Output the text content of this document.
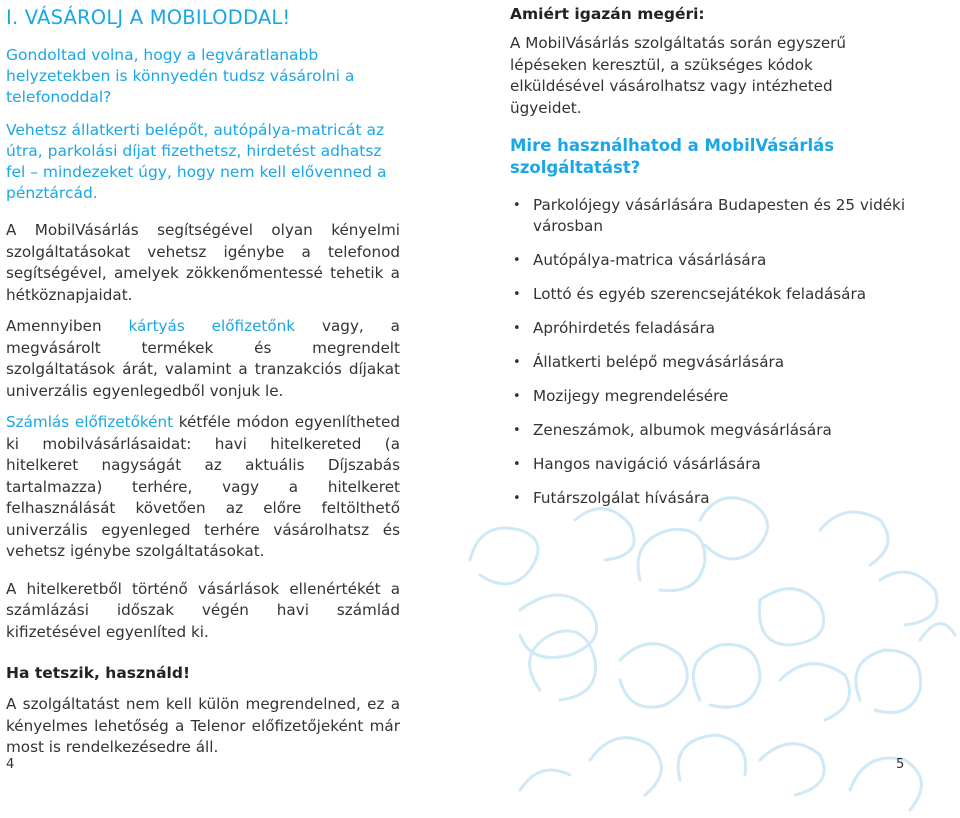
I. VÁSÁROLJ A MOBILODDAL!

Gondoltad volna, hogy a legváratlanabb helyzetekben is könnyedén tudsz vásárolni a telefonoddal?

Vehetsz állatkerti belépőt, autópálya-matricát az útra, parkolási díjat fizethetsz, hirdetést adhatsz fel – mindezeket úgy, hogy nem kell elővenned a pénztárcád.

A MobilVásárlás segítségével olyan kényelmi szolgáltatásokat vehetsz igénybe a telefonod segítségével, amelyek zökkenőmentessé tehetik a hétköznapjaidat.

Amennyiben kártyás előfizetőnk vagy, a megvásárolt termékek és megrendelt szolgáltatások árát, valamint a tranzakciós díjakat univerzális egyenlegedből vonjuk le.

Számlás előfizetőként kétféle módon egyenlítheted ki mobilvásárlásaidat: havi hitelkereted (a hitelkeret nagyságát az aktuális Díjszabás tartalmazza) terhére, vagy a hitelkeret felhasználását követően az előre feltölthető univerzális egyenleged terhére vásárolhatsz és vehetsz igénybe szolgáltatásokat.

A hitelkeretből történő vásárlások ellenértékét a számlázási időszak végén havi számlád kifizetésével egyenlíted ki.

Ha tetszik, használd!

A szolgáltatást nem kell külön megrendelned, ez a kényelmes lehetőség a Telenor előfizetőjeként már most is rendelkezésedre áll.

Amiért igazán megéri:

A MobilVásárlás szolgáltatás során egyszerű lépéseken keresztül, a szükséges kódok elküldésével vásárolhatsz vagy intézheted ügyeidet.

Mire használhatod a MobilVásárlás szolgáltatást?
• Parkolójegy vásárlására Budapesten és 25 vidéki városban
• Autópálya-matrica vásárlására
• Lottó és egyéb szerencsejátékok feladására
• Apróhirdetés feladására
• Állatkerti belépő megvásárlására
• Mozijegy megrendelésére
• Zeneszámok, albumok megvásárlására
• Hangos navigáció vásárlására
• Futárszolgálat hívására
4	5
